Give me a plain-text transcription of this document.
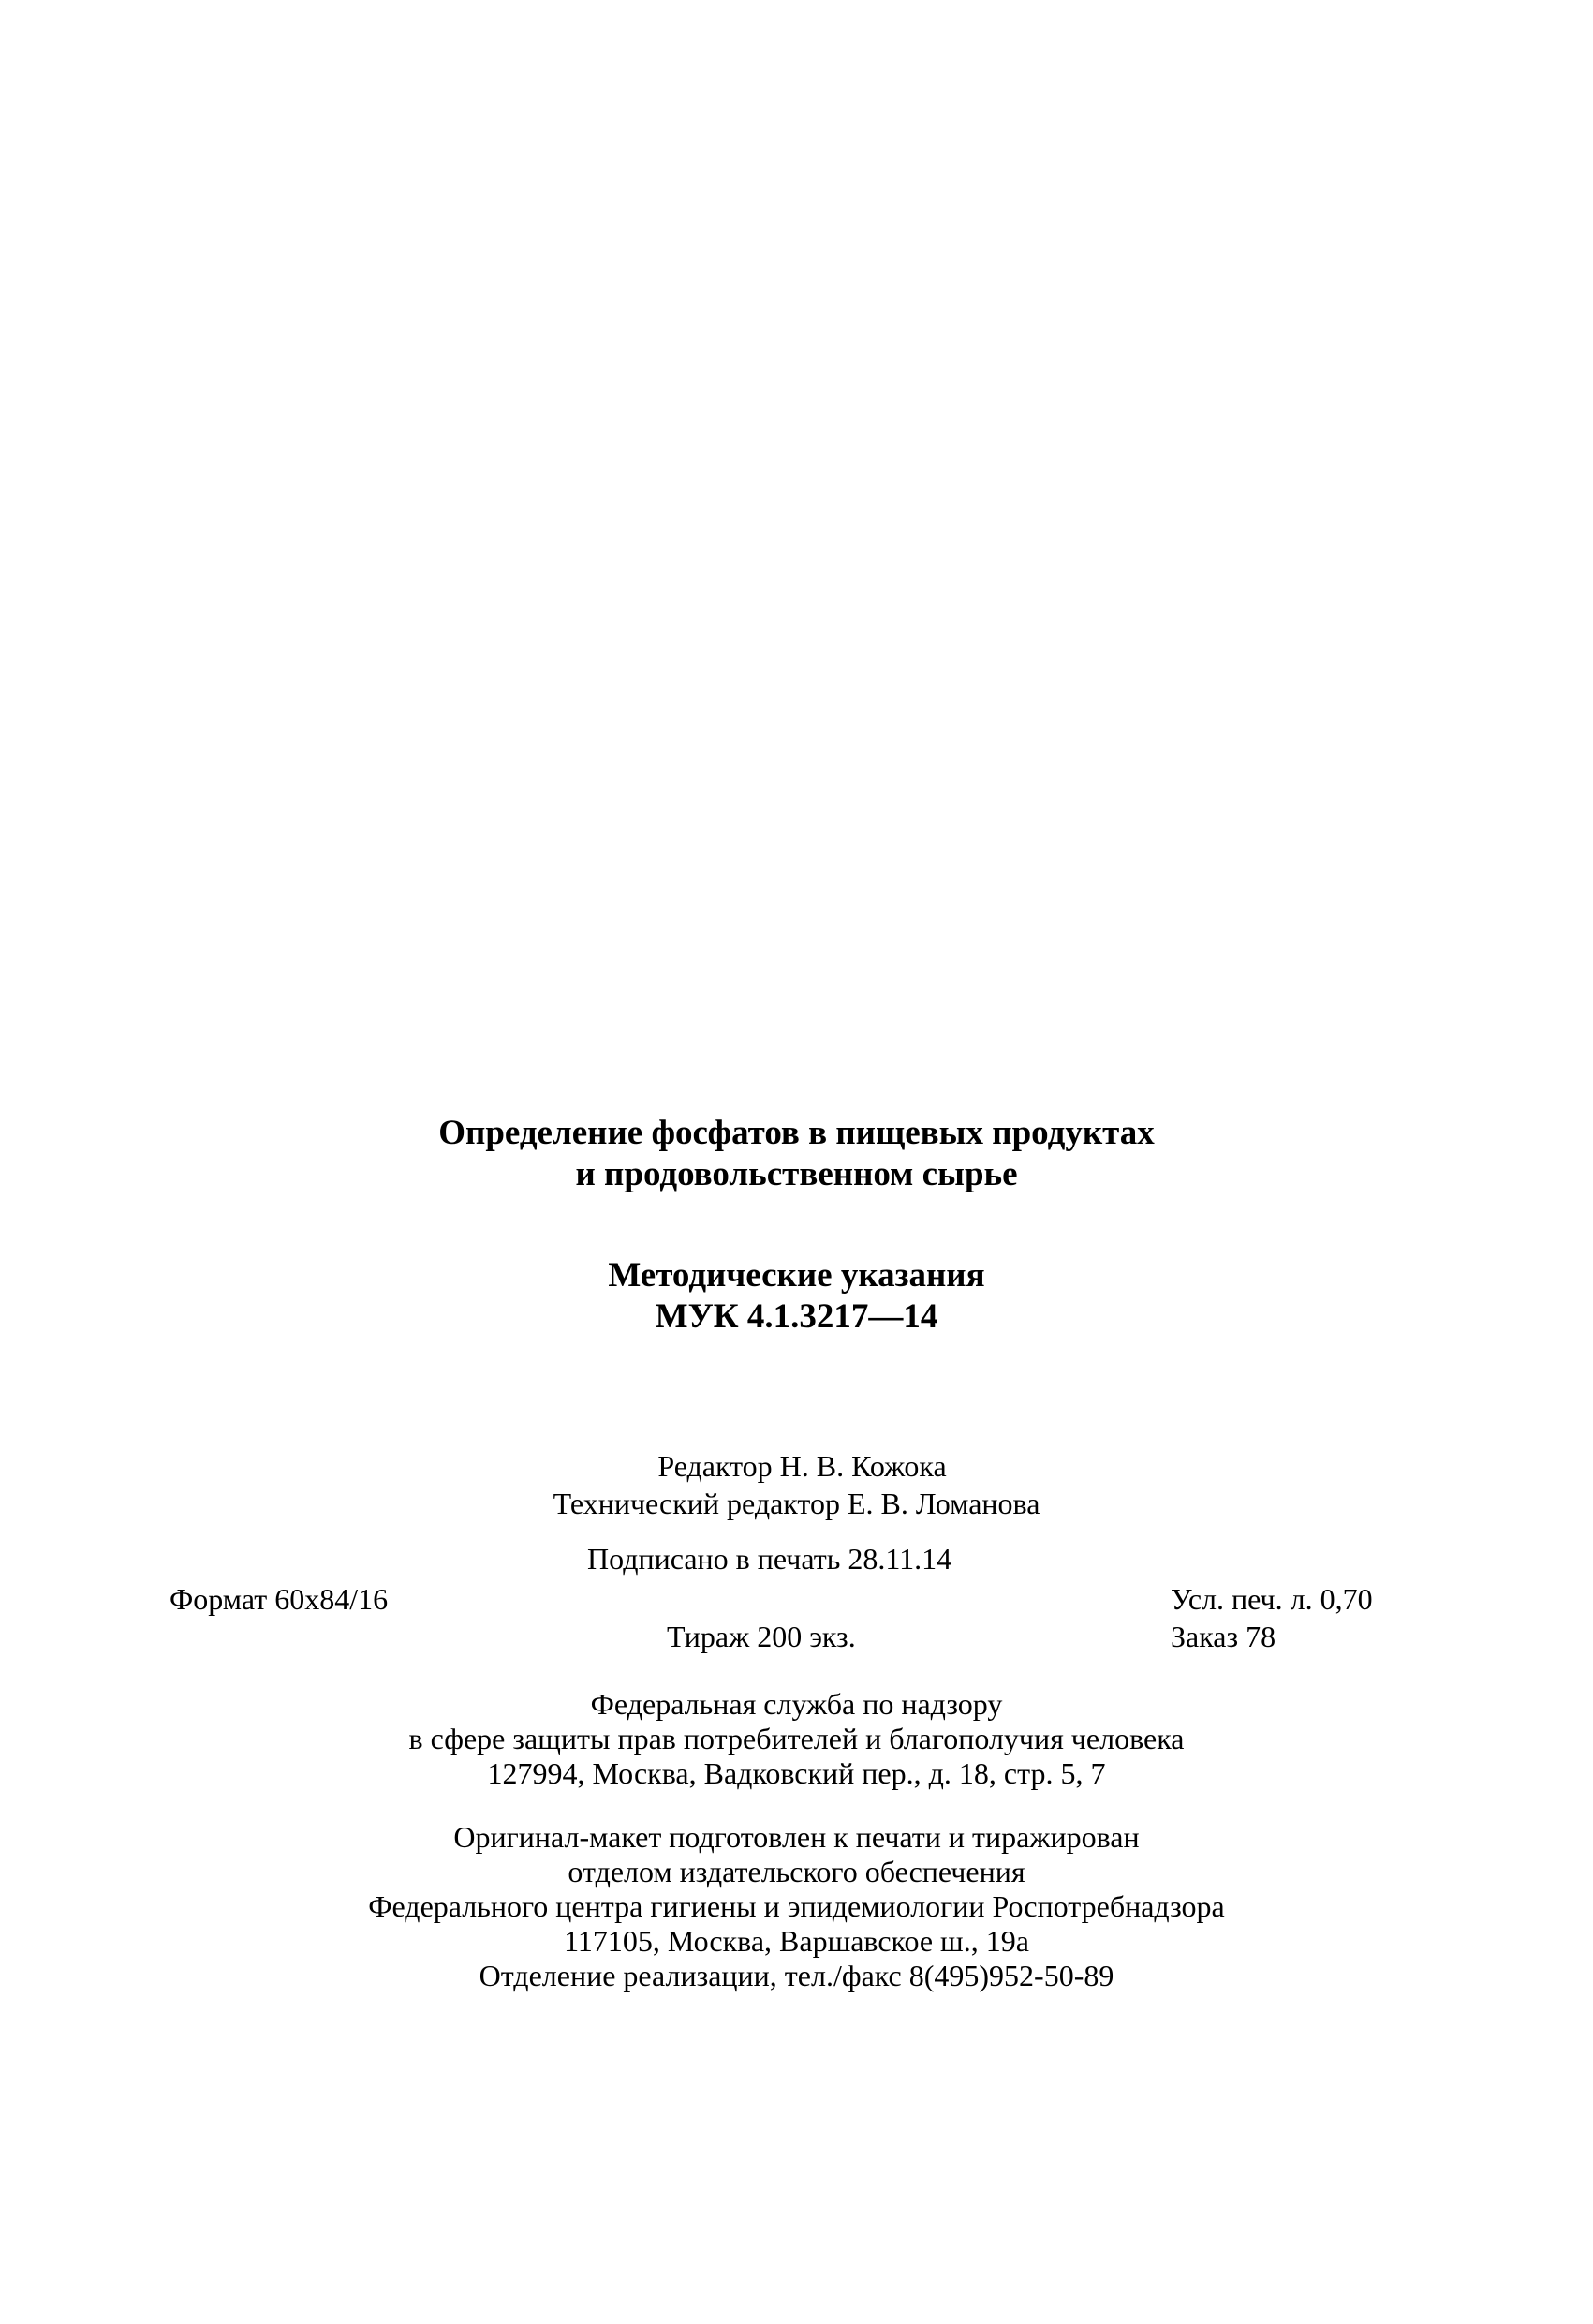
Определение фосфатов в пищевых продуктах
и продовольственном сырье
Методические указания
МУК 4.1.3217—14
Редактор Н. В. Кожока
Технический редактор Е. В. Ломанова
Подписано в печать 28.11.14
Формат 60x84/16	Усл. печ. л. 0,70
Тираж 200 экз.	Заказ 78
Федеральная служба по надзору
в сфере защиты прав потребителей и благополучия человека
127994, Москва, Вадковский пер., д. 18, стр. 5, 7
Оригинал-макет подготовлен к печати и тиражирован
отделом издательского обеспечения
Федерального центра гигиены и эпидемиологии Роспотребнадзора
117105, Москва, Варшавское ш., 19а
Отделение реализации, тел./факс 8(495)952-50-89
